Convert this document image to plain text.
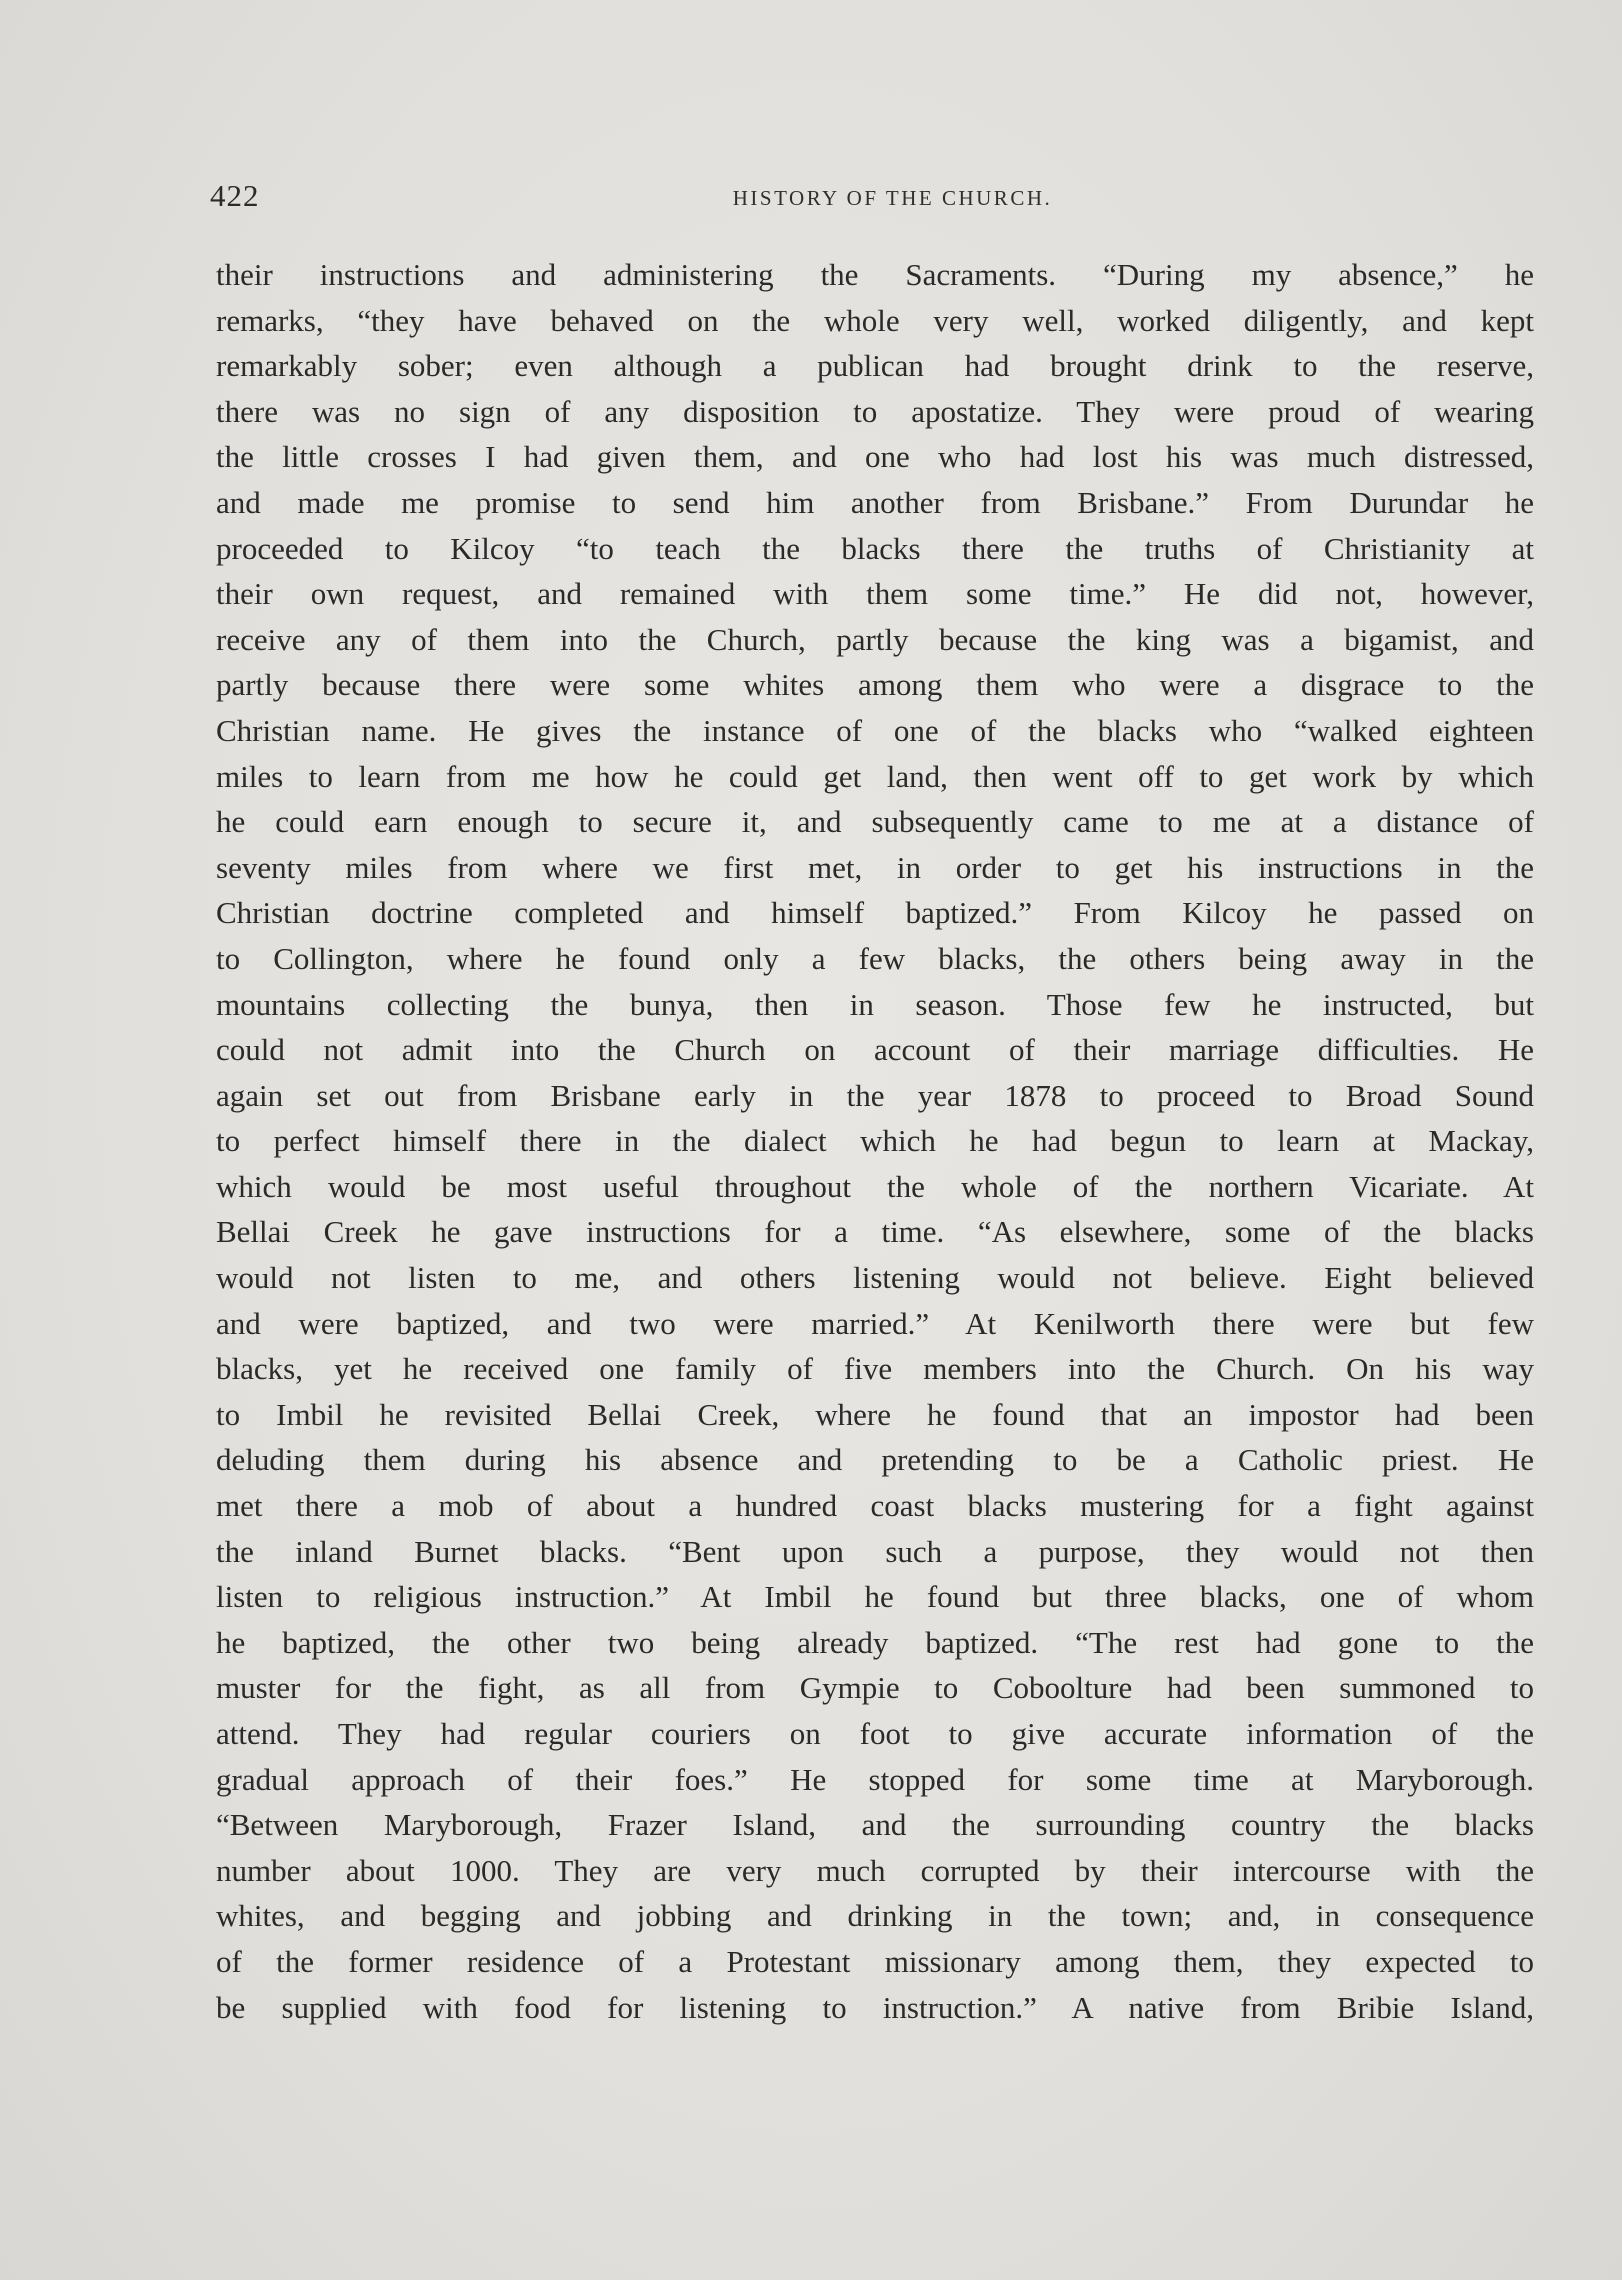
422	HISTORY OF THE CHURCH.
their instructions and administering the Sacraments. “During my absence,” he
remarks, “they have behaved on the whole very well, worked diligently, and kept
remarkably sober; even although a publican had brought drink to the reserve,
there was no sign of any disposition to apostatize. They were proud of wearing
the little crosses I had given them, and one who had lost his was much distressed,
and made me promise to send him another from Brisbane.” From Durundar he
proceeded to Kilcoy “to teach the blacks there the truths of Christianity at
their own request, and remained with them some time.” He did not, however,
receive any of them into the Church, partly because the king was a bigamist, and
partly because there were some whites among them who were a disgrace to the
Christian name. He gives the instance of one of the blacks who “walked eighteen
miles to learn from me how he could get land, then went off to get work by which
he could earn enough to secure it, and subsequently came to me at a distance of
seventy miles from where we first met, in order to get his instructions in the
Christian doctrine completed and himself baptized.” From Kilcoy he passed on
to Collington, where he found only a few blacks, the others being away in the
mountains collecting the bunya, then in season. Those few he instructed, but
could not admit into the Church on account of their marriage difficulties. He
again set out from Brisbane early in the year 1878 to proceed to Broad Sound
to perfect himself there in the dialect which he had begun to learn at Mackay,
which would be most useful throughout the whole of the northern Vicariate. At
Bellai Creek he gave instructions for a time. “As elsewhere, some of the blacks
would not listen to me, and others listening would not believe. Eight believed
and were baptized, and two were married.” At Kenilworth there were but few
blacks, yet he received one family of five members into the Church. On his way
to Imbil he revisited Bellai Creek, where he found that an impostor had been
deluding them during his absence and pretending to be a Catholic priest. He
met there a mob of about a hundred coast blacks mustering for a fight against
the inland Burnet blacks. “Bent upon such a purpose, they would not then
listen to religious instruction.” At Imbil he found but three blacks, one of whom
he baptized, the other two being already baptized. “The rest had gone to the
muster for the fight, as all from Gympie to Coboolture had been summoned to
attend. They had regular couriers on foot to give accurate information of the
gradual approach of their foes.” He stopped for some time at Maryborough.
“Between Maryborough, Frazer Island, and the surrounding country the blacks
number about 1000. They are very much corrupted by their intercourse with the
whites, and begging and jobbing and drinking in the town; and, in consequence
of the former residence of a Protestant missionary among them, they expected to
be supplied with food for listening to instruction.” A native from Bribie Island,
